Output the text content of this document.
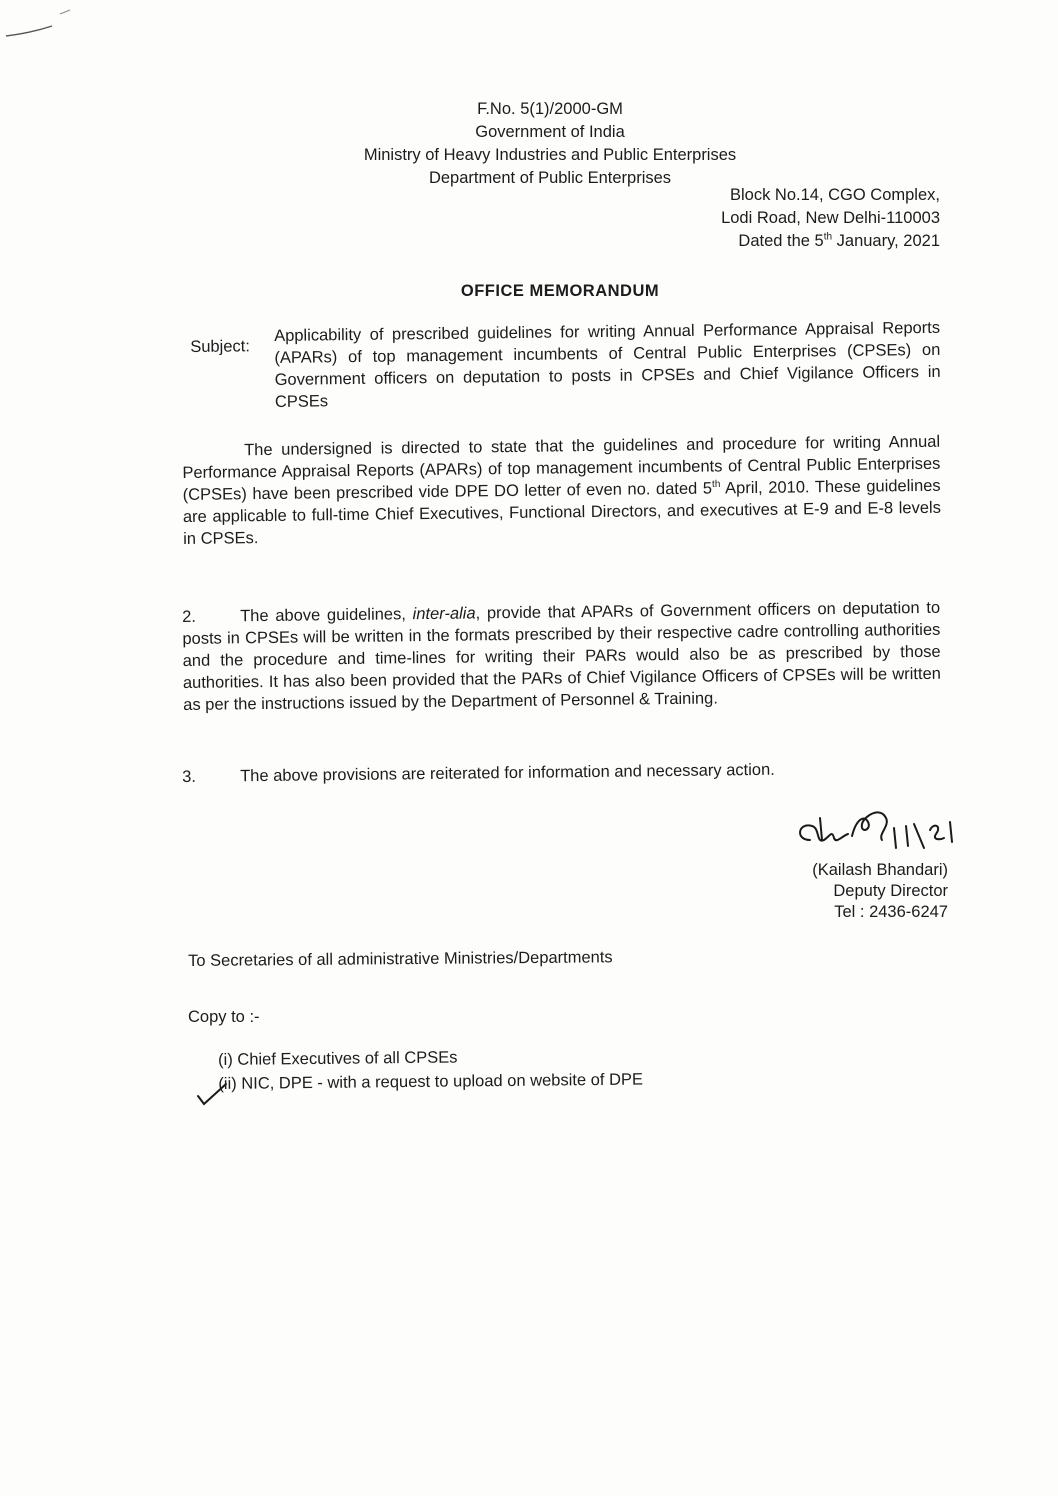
F.No. 5(1)/2000-GM
Government of India
Ministry of Heavy Industries and Public Enterprises
Department of Public Enterprises
Block No.14, CGO Complex,
Lodi Road, New Delhi-110003
Dated the 5th January, 2021
OFFICE MEMORANDUM
Subject:
Applicability of prescribed guidelines for writing Annual Performance Appraisal Reports (APARs) of top management incumbents of Central Public Enterprises (CPSEs) on Government officers on deputation to posts in CPSEs and Chief Vigilance Officers in CPSEs
The undersigned is directed to state that the guidelines and procedure for writing Annual Performance Appraisal Reports (APARs) of top management incumbents of Central Public Enterprises (CPSEs) have been prescribed vide DPE DO letter of even no. dated 5th April, 2010. These guidelines are applicable to full-time Chief Executives, Functional Directors, and executives at E-9 and E-8 levels in CPSEs.
2.	The above guidelines, inter-alia, provide that APARs of Government officers on deputation to posts in CPSEs will be written in the formats prescribed by their respective cadre controlling authorities and the procedure and time-lines for writing their PARs would also be as prescribed by those authorities. It has also been provided that the PARs of Chief Vigilance Officers of CPSEs will be written as per the instructions issued by the Department of Personnel & Training.
3.	The above provisions are reiterated for information and necessary action.
(Kailash Bhandari)
Deputy Director
Tel : 2436-6247
To Secretaries of all administrative Ministries/Departments
Copy to :-
(i) Chief Executives of all CPSEs
(ii) NIC, DPE - with a request to upload on website of DPE
